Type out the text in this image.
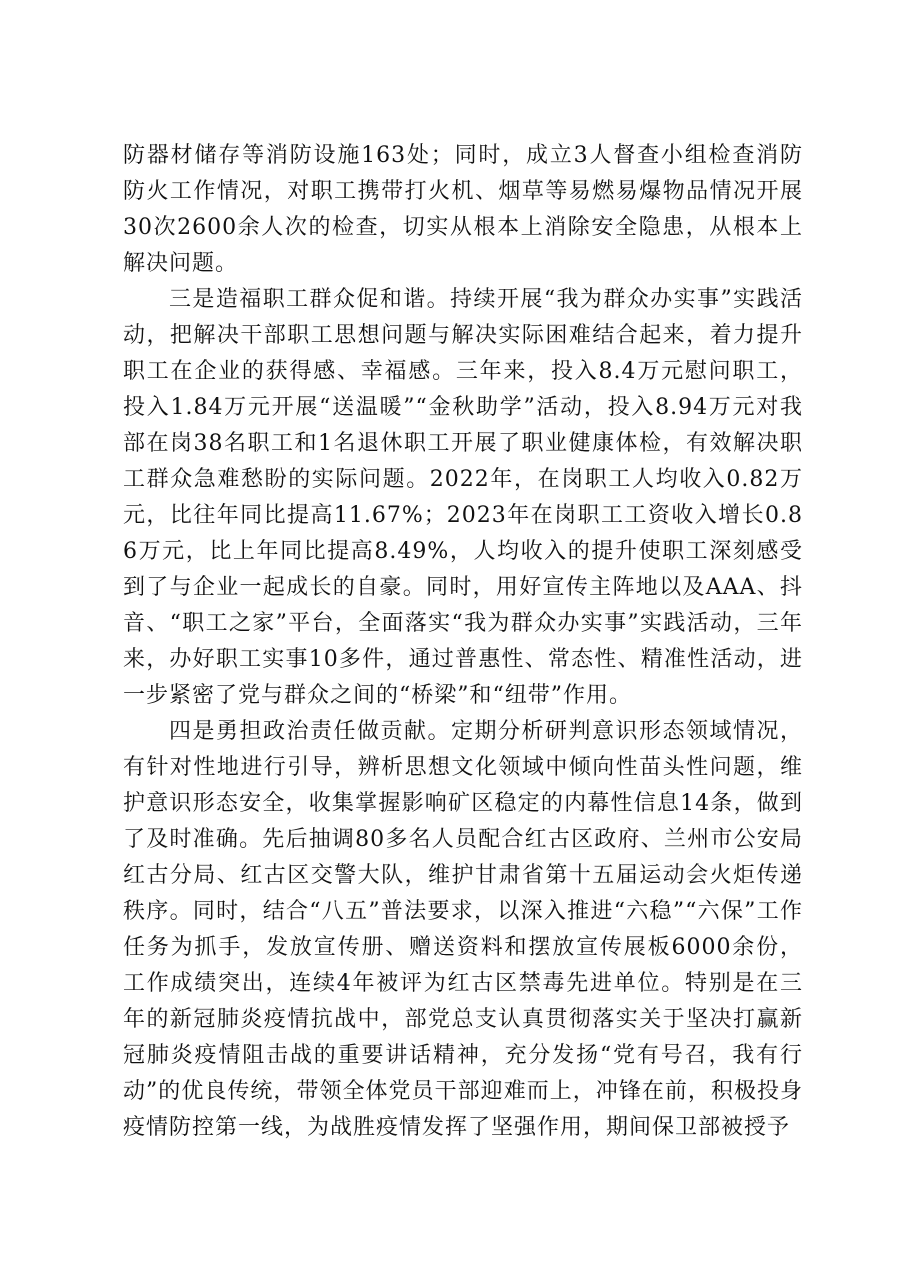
防器材储存等消防设施163处；同时，成立3人督查小组检查消防防火工作情况，对职工携带打火机、烟草等易燃易爆物品情况开展30次2600余人次的检查，切实从根本上消除安全隐患，从根本上解决问题。

三是造福职工群众促和谐。持续开展“我为群众办实事”实践活动，把解决干部职工思想问题与解决实际困难结合起来，着力提升职工在企业的获得感、幸福感。三年来，投入8.4万元慰问职工，投入1.84万元开展“送温暖”“金秋助学”活动，投入8.94万元对我部在岗38名职工和1名退休职工开展了职业健康体检，有效解决职工群众急难愁盼的实际问题。2022年，在岗职工人均收入0.82万元，比往年同比提高11.67%；2023年在岗职工工资收入增长0.86万元，比上年同比提高8.49%，人均收入的提升使职工深刻感受到了与企业一起成长的自豪。同时，用好宣传主阵地以及AAA、抖音、“职工之家”平台，全面落实“我为群众办实事”实践活动，三年来，办好职工实事10多件，通过普惠性、常态性、精准性活动，进一步紧密了党与群众之间的“桥梁”和“纽带”作用。

四是勇担政治责任做贡献。定期分析研判意识形态领域情况，有针对性地进行引导，辨析思想文化领域中倾向性苗头性问题，维护意识形态安全，收集掌握影响矿区稳定的内幕性信息14条，做到了及时准确。先后抽调80多名人员配合红古区政府、兰州市公安局红古分局、红古区交警大队，维护甘肃省第十五届运动会火炬传递秩序。同时，结合“八五”普法要求，以深入推进“六稳”“六保”工作任务为抓手，发放宣传册、赠送资料和摆放宣传展板6000余份，工作成绩突出，连续4年被评为红古区禁毒先进单位。特别是在三年的新冠肺炎疫情抗战中，部党总支认真贯彻落实关于坚决打赢新冠肺炎疫情阻击战的重要讲话精神，充分发扬“党有号召，我有行动”的优良传统，带领全体党员干部迎难而上，冲锋在前，积极投身疫情防控第一线，为战胜疫情发挥了坚强作用，期间保卫部被授予
